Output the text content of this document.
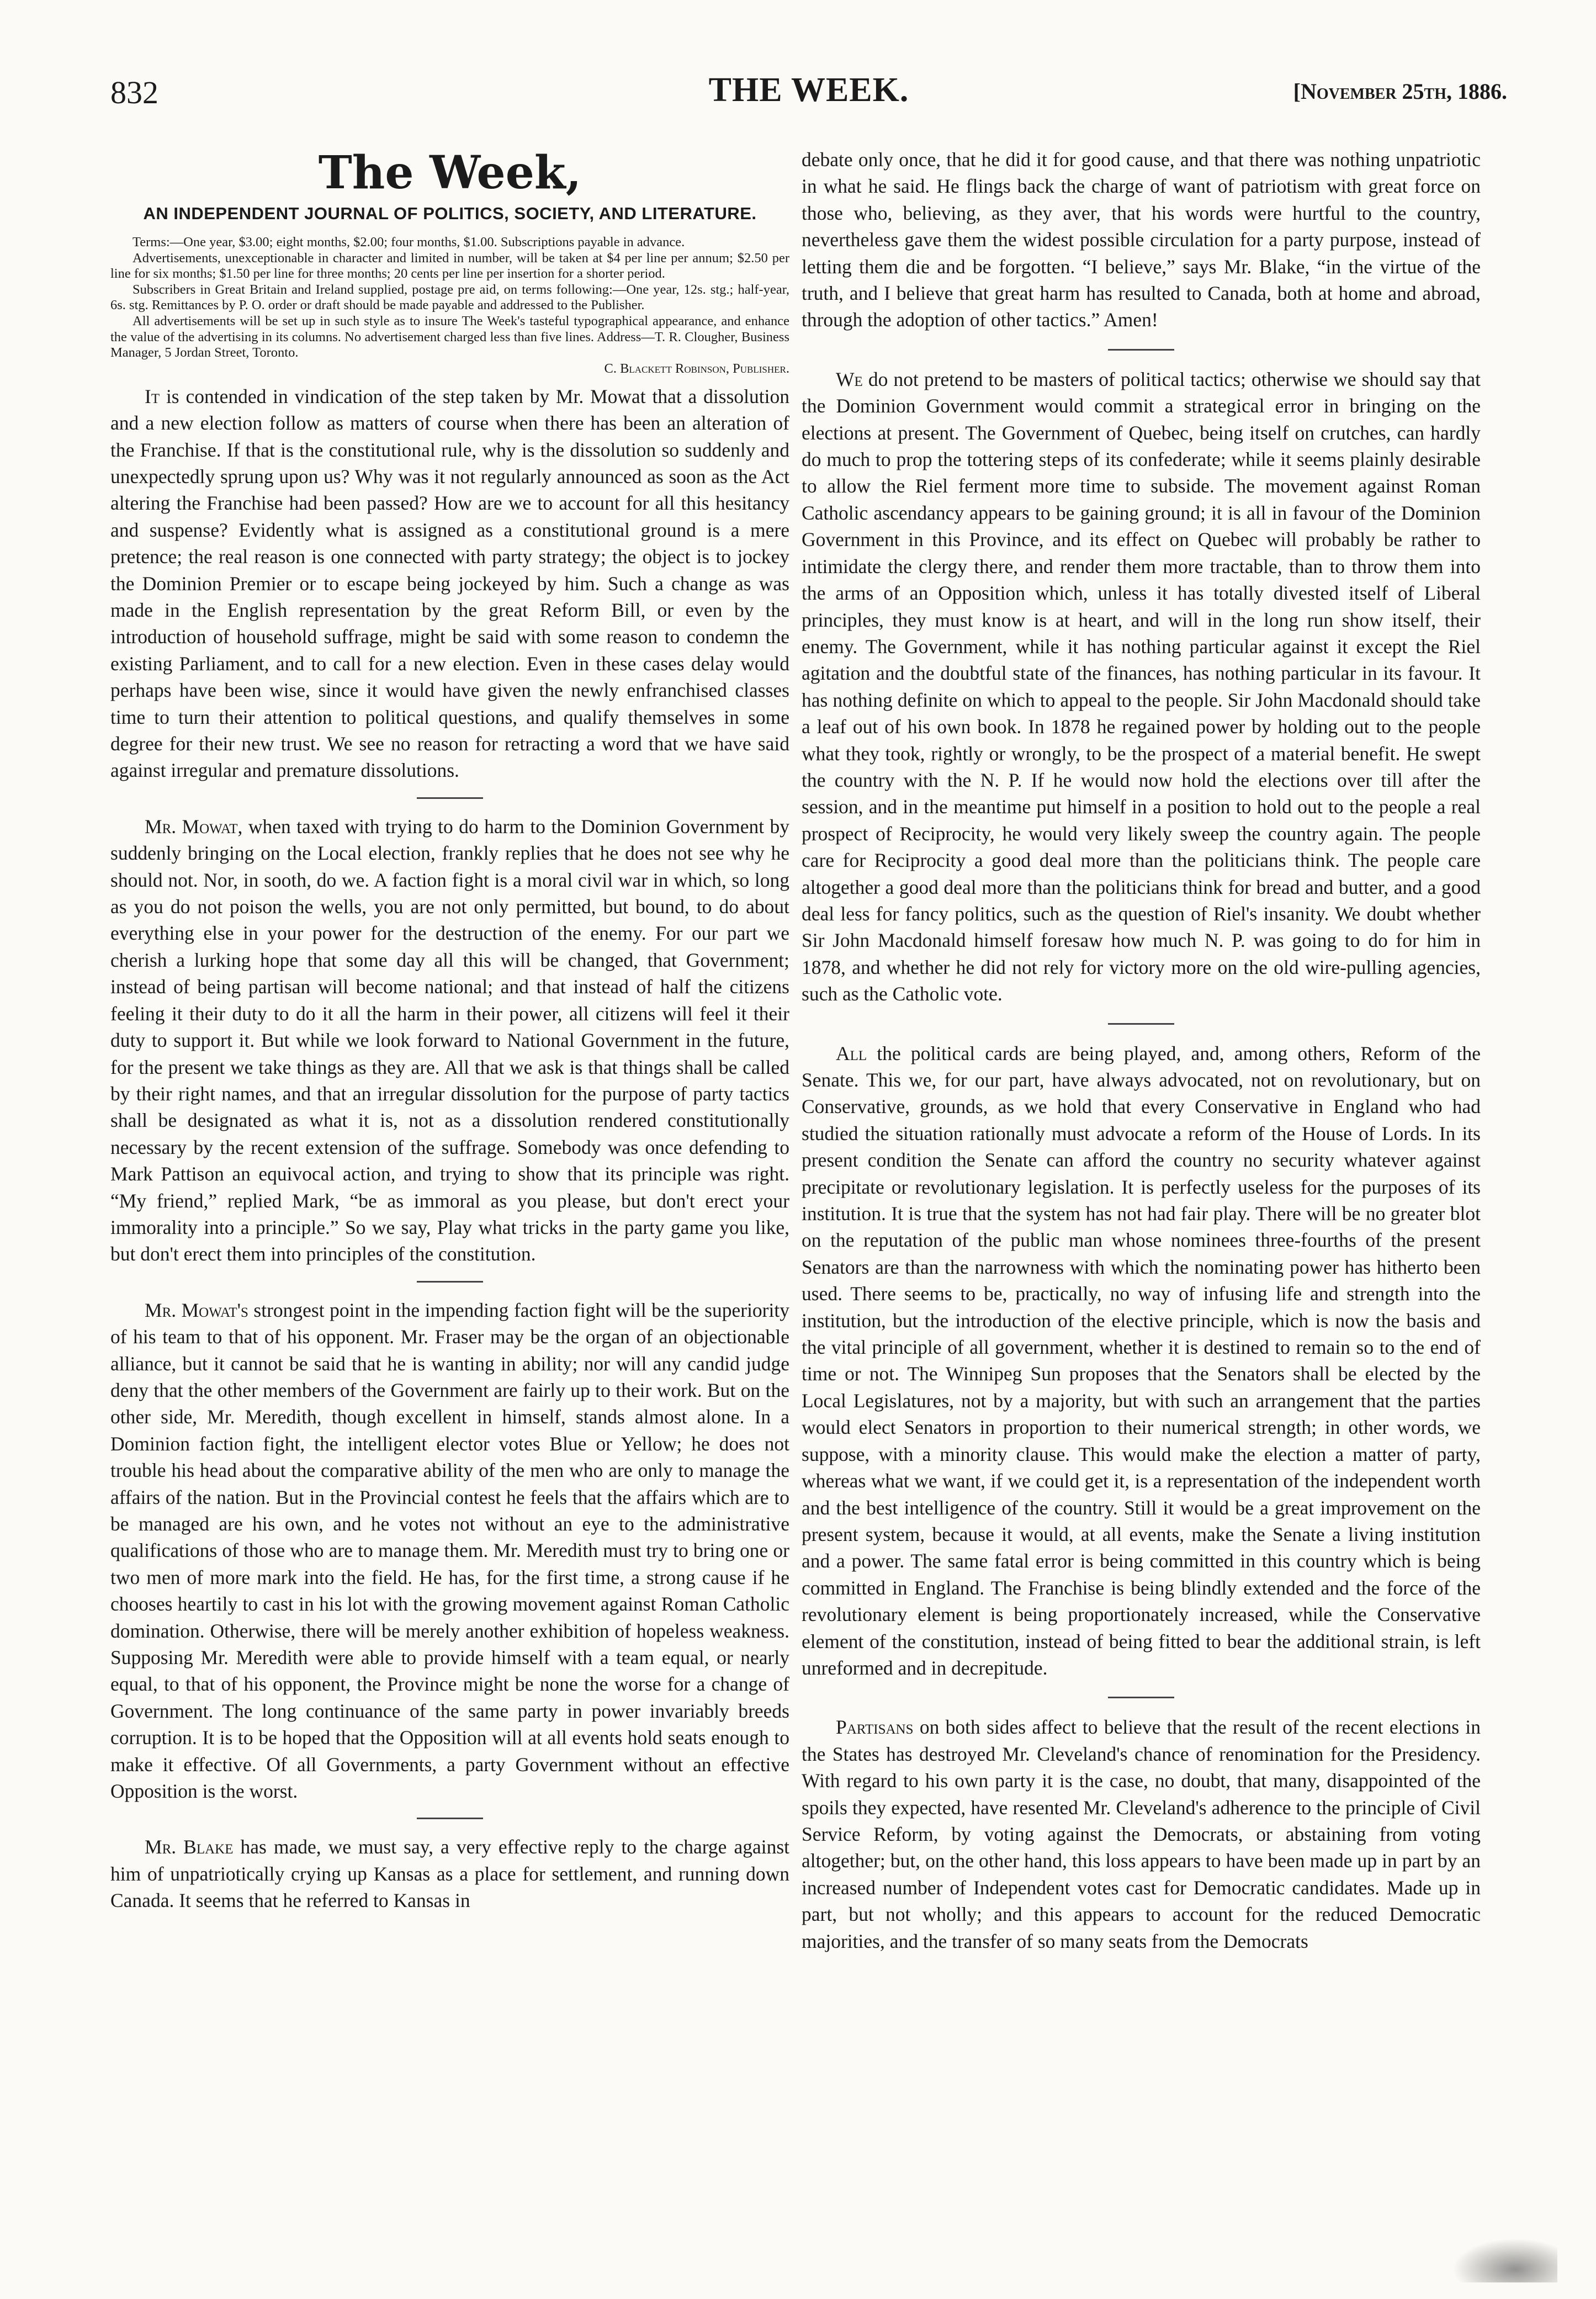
832	THE WEEK.	[November 25th, 1886.
The Week,
AN INDEPENDENT JOURNAL OF POLITICS, SOCIETY, AND LITERATURE.

Terms:—One year, $3.00; eight months, $2.00; four months, $1.00. Subscriptions payable in advance.

Advertisements, unexceptionable in character and limited in number, will be taken at $4 per line per annum; $2.50 per line for six months; $1.50 per line for three months; 20 cents per line per insertion for a shorter period.

Subscribers in Great Britain and Ireland supplied, postage pre aid, on terms following:—One year, 12s. stg.; half-year, 6s. stg. Remittances by P. O. order or draft should be made payable and addressed to the Publisher.

All advertisements will be set up in such style as to insure The Week's tasteful typographical appearance, and enhance the value of the advertising in its columns. No advertisement charged less than five lines. Address—T. R. Clougher, Business Manager, 5 Jordan Street, Toronto.

C. Blackett Robinson, Publisher.

It is contended in vindication of the step taken by Mr. Mowat that a dissolution and a new election follow as matters of course when there has been an alteration of the Franchise. If that is the constitutional rule, why is the dissolution so suddenly and unexpectedly sprung upon us? Why was it not regularly announced as soon as the Act altering the Franchise had been passed? How are we to account for all this hesitancy and suspense? Evidently what is assigned as a constitutional ground is a mere pretence; the real reason is one connected with party strategy; the object is to jockey the Dominion Premier or to escape being jockeyed by him. Such a change as was made in the English representation by the great Reform Bill, or even by the introduction of household suffrage, might be said with some reason to condemn the existing Parliament, and to call for a new election. Even in these cases delay would perhaps have been wise, since it would have given the newly enfranchised classes time to turn their attention to political questions, and qualify themselves in some degree for their new trust. We see no reason for retracting a word that we have said against irregular and premature dissolutions.

Mr. Mowat, when taxed with trying to do harm to the Dominion Government by suddenly bringing on the Local election, frankly replies that he does not see why he should not. Nor, in sooth, do we. A faction fight is a moral civil war in which, so long as you do not poison the wells, you are not only permitted, but bound, to do about everything else in your power for the destruction of the enemy. For our part we cherish a lurking hope that some day all this will be changed, that Government; instead of being partisan will become national; and that instead of half the citizens feeling it their duty to do it all the harm in their power, all citizens will feel it their duty to support it. But while we look forward to National Government in the future, for the present we take things as they are. All that we ask is that things shall be called by their right names, and that an irregular dissolution for the purpose of party tactics shall be designated as what it is, not as a dissolution rendered constitutionally necessary by the recent extension of the suffrage. Somebody was once defending to Mark Pattison an equivocal action, and trying to show that its principle was right. “My friend,” replied Mark, “be as immoral as you please, but don't erect your immorality into a principle.” So we say, Play what tricks in the party game you like, but don't erect them into principles of the constitution.

Mr. Mowat's strongest point in the impending faction fight will be the superiority of his team to that of his opponent. Mr. Fraser may be the organ of an objectionable alliance, but it cannot be said that he is wanting in ability; nor will any candid judge deny that the other members of the Government are fairly up to their work. But on the other side, Mr. Meredith, though excellent in himself, stands almost alone. In a Dominion faction fight, the intelligent elector votes Blue or Yellow; he does not trouble his head about the comparative ability of the men who are only to manage the affairs of the nation. But in the Provincial contest he feels that the affairs which are to be managed are his own, and he votes not without an eye to the administrative qualifications of those who are to manage them. Mr. Meredith must try to bring one or two men of more mark into the field. He has, for the first time, a strong cause if he chooses heartily to cast in his lot with the growing movement against Roman Catholic domination. Otherwise, there will be merely another exhibition of hopeless weakness. Supposing Mr. Meredith were able to provide himself with a team equal, or nearly equal, to that of his opponent, the Province might be none the worse for a change of Government. The long continuance of the same party in power invariably breeds corruption. It is to be hoped that the Opposition will at all events hold seats enough to make it effective. Of all Governments, a party Government without an effective Opposition is the worst.

Mr. Blake has made, we must say, a very effective reply to the charge against him of unpatriotically crying up Kansas as a place for settlement, and running down Canada. It seems that he referred to Kansas in

debate only once, that he did it for good cause, and that there was nothing unpatriotic in what he said. He flings back the charge of want of patriotism with great force on those who, believing, as they aver, that his words were hurtful to the country, nevertheless gave them the widest possible circulation for a party purpose, instead of letting them die and be forgotten. “I believe,” says Mr. Blake, “in the virtue of the truth, and I believe that great harm has resulted to Canada, both at home and abroad, through the adoption of other tactics.” Amen!

We do not pretend to be masters of political tactics; otherwise we should say that the Dominion Government would commit a strategical error in bringing on the elections at present. The Government of Quebec, being itself on crutches, can hardly do much to prop the tottering steps of its confederate; while it seems plainly desirable to allow the Riel ferment more time to subside. The movement against Roman Catholic ascendancy appears to be gaining ground; it is all in favour of the Dominion Government in this Province, and its effect on Quebec will probably be rather to intimidate the clergy there, and render them more tractable, than to throw them into the arms of an Opposition which, unless it has totally divested itself of Liberal principles, they must know is at heart, and will in the long run show itself, their enemy. The Government, while it has nothing particular against it except the Riel agitation and the doubtful state of the finances, has nothing particular in its favour. It has nothing definite on which to appeal to the people. Sir John Macdonald should take a leaf out of his own book. In 1878 he regained power by holding out to the people what they took, rightly or wrongly, to be the prospect of a material benefit. He swept the country with the N. P. If he would now hold the elections over till after the session, and in the meantime put himself in a position to hold out to the people a real prospect of Reciprocity, he would very likely sweep the country again. The people care for Reciprocity a good deal more than the politicians think. The people care altogether a good deal more than the politicians think for bread and butter, and a good deal less for fancy politics, such as the question of Riel's insanity. We doubt whether Sir John Macdonald himself foresaw how much N. P. was going to do for him in 1878, and whether he did not rely for victory more on the old wire-pulling agencies, such as the Catholic vote.

All the political cards are being played, and, among others, Reform of the Senate. This we, for our part, have always advocated, not on revolutionary, but on Conservative, grounds, as we hold that every Conservative in England who had studied the situation rationally must advocate a reform of the House of Lords. In its present condition the Senate can afford the country no security whatever against precipitate or revolutionary legislation. It is perfectly useless for the purposes of its institution. It is true that the system has not had fair play. There will be no greater blot on the reputation of the public man whose nominees three-fourths of the present Senators are than the narrowness with which the nominating power has hitherto been used. There seems to be, practically, no way of infusing life and strength into the institution, but the introduction of the elective principle, which is now the basis and the vital principle of all government, whether it is destined to remain so to the end of time or not. The Winnipeg Sun proposes that the Senators shall be elected by the Local Legislatures, not by a majority, but with such an arrangement that the parties would elect Senators in proportion to their numerical strength; in other words, we suppose, with a minority clause. This would make the election a matter of party, whereas what we want, if we could get it, is a representation of the independent worth and the best intelligence of the country. Still it would be a great improvement on the present system, because it would, at all events, make the Senate a living institution and a power. The same fatal error is being committed in this country which is being committed in England. The Franchise is being blindly extended and the force of the revolutionary element is being proportionately increased, while the Conservative element of the constitution, instead of being fitted to bear the additional strain, is left unreformed and in decrepitude.

Partisans on both sides affect to believe that the result of the recent elections in the States has destroyed Mr. Cleveland's chance of renomination for the Presidency. With regard to his own party it is the case, no doubt, that many, disappointed of the spoils they expected, have resented Mr. Cleveland's adherence to the principle of Civil Service Reform, by voting against the Democrats, or abstaining from voting altogether; but, on the other hand, this loss appears to have been made up in part by an increased number of Independent votes cast for Democratic candidates. Made up in part, but not wholly; and this appears to account for the reduced Democratic majorities, and the transfer of so many seats from the Democrats
